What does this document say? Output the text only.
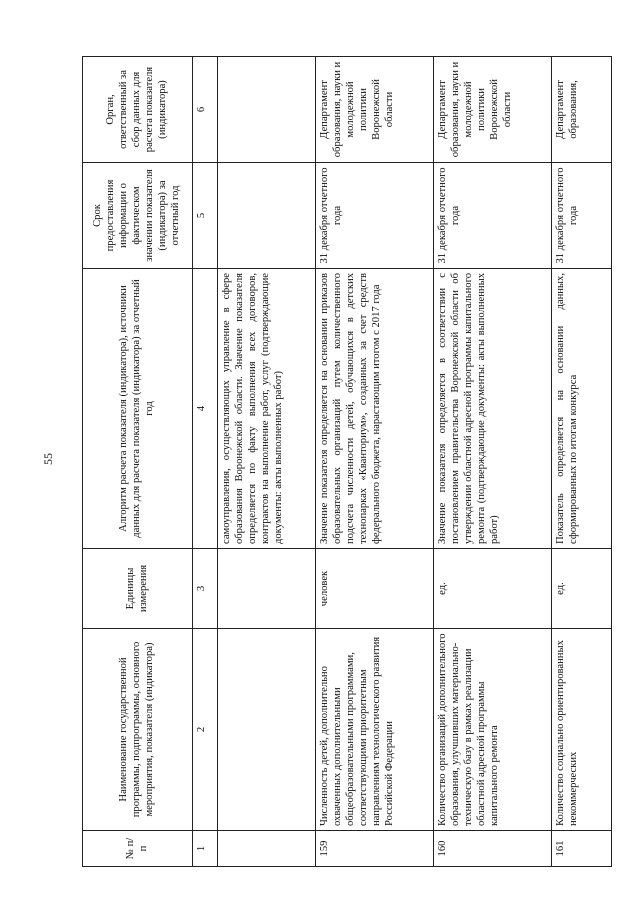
55
№ п/п	Наименование государственной программы, подпрограммы, основного мероприятия, показателя (индикатора)	Единицы измерения	Алгоритм расчета показателя (индикатора), источники данных для расчета показателя (индикатора) за отчетный год	Срок предоставления информации о фактическом значении показателя (индикатора) за отчетный год	Орган, ответственный за сбор данных для расчета показателя (индикатора)
1	2	3	4	5	6
			самоуправления, осуществляющих управление в сфере образования Воронежской области. Значение показателя определяется по факту выполнения всех договоров, контрактов на выполнение работ, услуг (подтверждающие документы: акты выполненных работ)		
159	Численность детей, дополнительно охваченных дополнительными общеобразовательными программами, соответствующими приоритетным направлениям технологического развития Российской Федерации	человек	Значение показателя определяется на основании приказов образовательных организаций путем количественного подсчета численности детей, обучающихся в детских технопарках «Кванториум», созданных за счет средств федерального бюджета, нарастающим итогом с 2017 года	31 декабря отчетного года	Департамент образования, науки и молодежной политики Воронежской области
160	Количество организаций дополнительного образования, улучшивших материально-техническую базу в рамках реализации областной адресной программы капитального ремонта	ед.	Значение показателя определяется в соответствии с постановлением правительства Воронежской области об утверждении областной адресной программы капитального ремонта (подтверждающие документы: акты выполненных работ)	31 декабря отчетного года	Департамент образования, науки и молодежной политики Воронежской области
161	Количество социально ориентированных некоммерческих	ед.	Показатель определяется на основании данных, сформированных по итогам конкурса	31 декабря отчетного года	Департамент образования,
